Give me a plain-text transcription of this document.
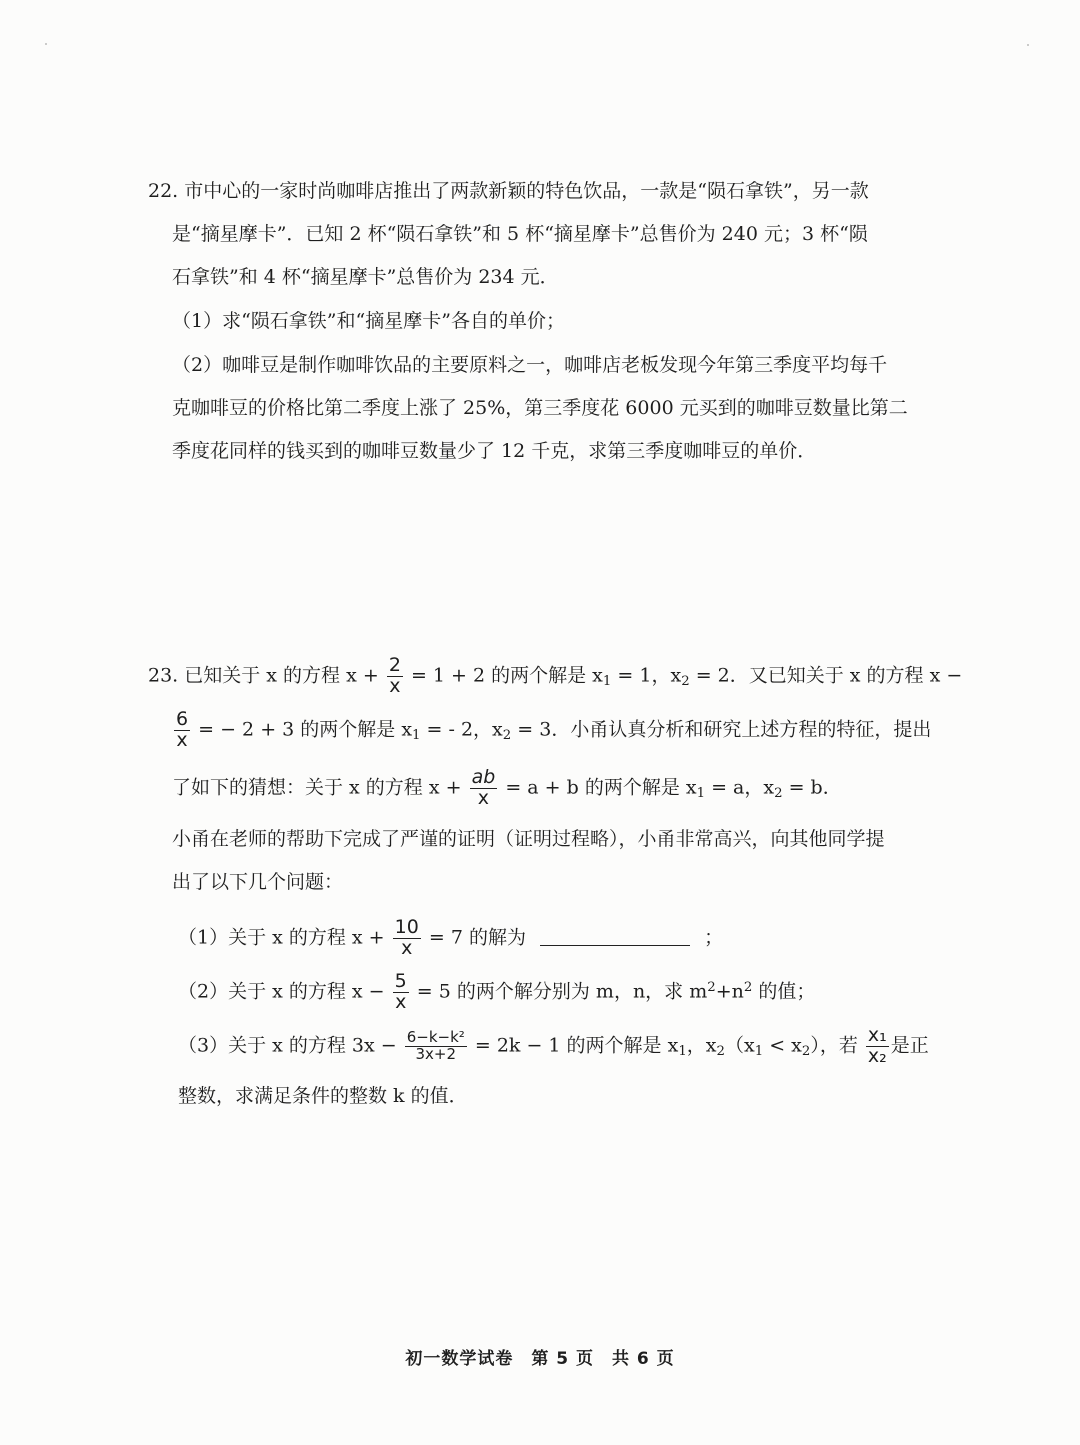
22. 市中心的一家时尚咖啡店推出了两款新颖的特色饮品，一款是“陨石拿铁”，另一款
是“摘星摩卡”．已知 2 杯“陨石拿铁”和 5 杯“摘星摩卡”总售价为 240 元；3 杯“陨
石拿铁”和 4 杯“摘星摩卡”总售价为 234 元．
（1）求“陨石拿铁”和“摘星摩卡”各自的单价；
（2）咖啡豆是制作咖啡饮品的主要原料之一，咖啡店老板发现今年第三季度平均每千
克咖啡豆的价格比第二季度上涨了 25%，第三季度花 6000 元买到的咖啡豆数量比第二
季度花同样的钱买到的咖啡豆数量少了 12 千克，求第三季度咖啡豆的单价．
23. 已知关于 x 的方程 $x + \frac{2}{x} = 1 + 2$ 的两个解是 $x_1 = 1$，$x_2 = 2$．又已知关于 x 的方程 x −
$\frac{6}{x}$ = − 2 + 3 的两个解是 $x_1$ = - 2，$x_2 = 3$．小甬认真分析和研究上述方程的特征，提出
了如下的猜想：关于 x 的方程 $x + \frac{ab}{x} = a + b$ 的两个解是 $x_1 = a$，$x_2 = b$．
小甬在老师的帮助下完成了严谨的证明（证明过程略），小甬非常高兴，向其他同学提
出了以下几个问题：
（1）关于 x 的方程 $x + \frac{10}{x} = 7$ 的解为	；
（2）关于 x 的方程 $x - \frac{5}{x} = 5$ 的两个解分别为 m，n，求 $m^2+n^2$ 的值；
（3）关于 x 的方程 $3x - \frac{\text{6−k−k²}}{3x+2} = 2k - 1$ 的两个解是 $x_1$，$x_2(x_1 < x_2)$，若 $\frac{\text{x₁}}{\text{x₂}}$ 是正
整数，求满足条件的整数 k 的值．
初一数学试卷　第 5 页　共 6 页
